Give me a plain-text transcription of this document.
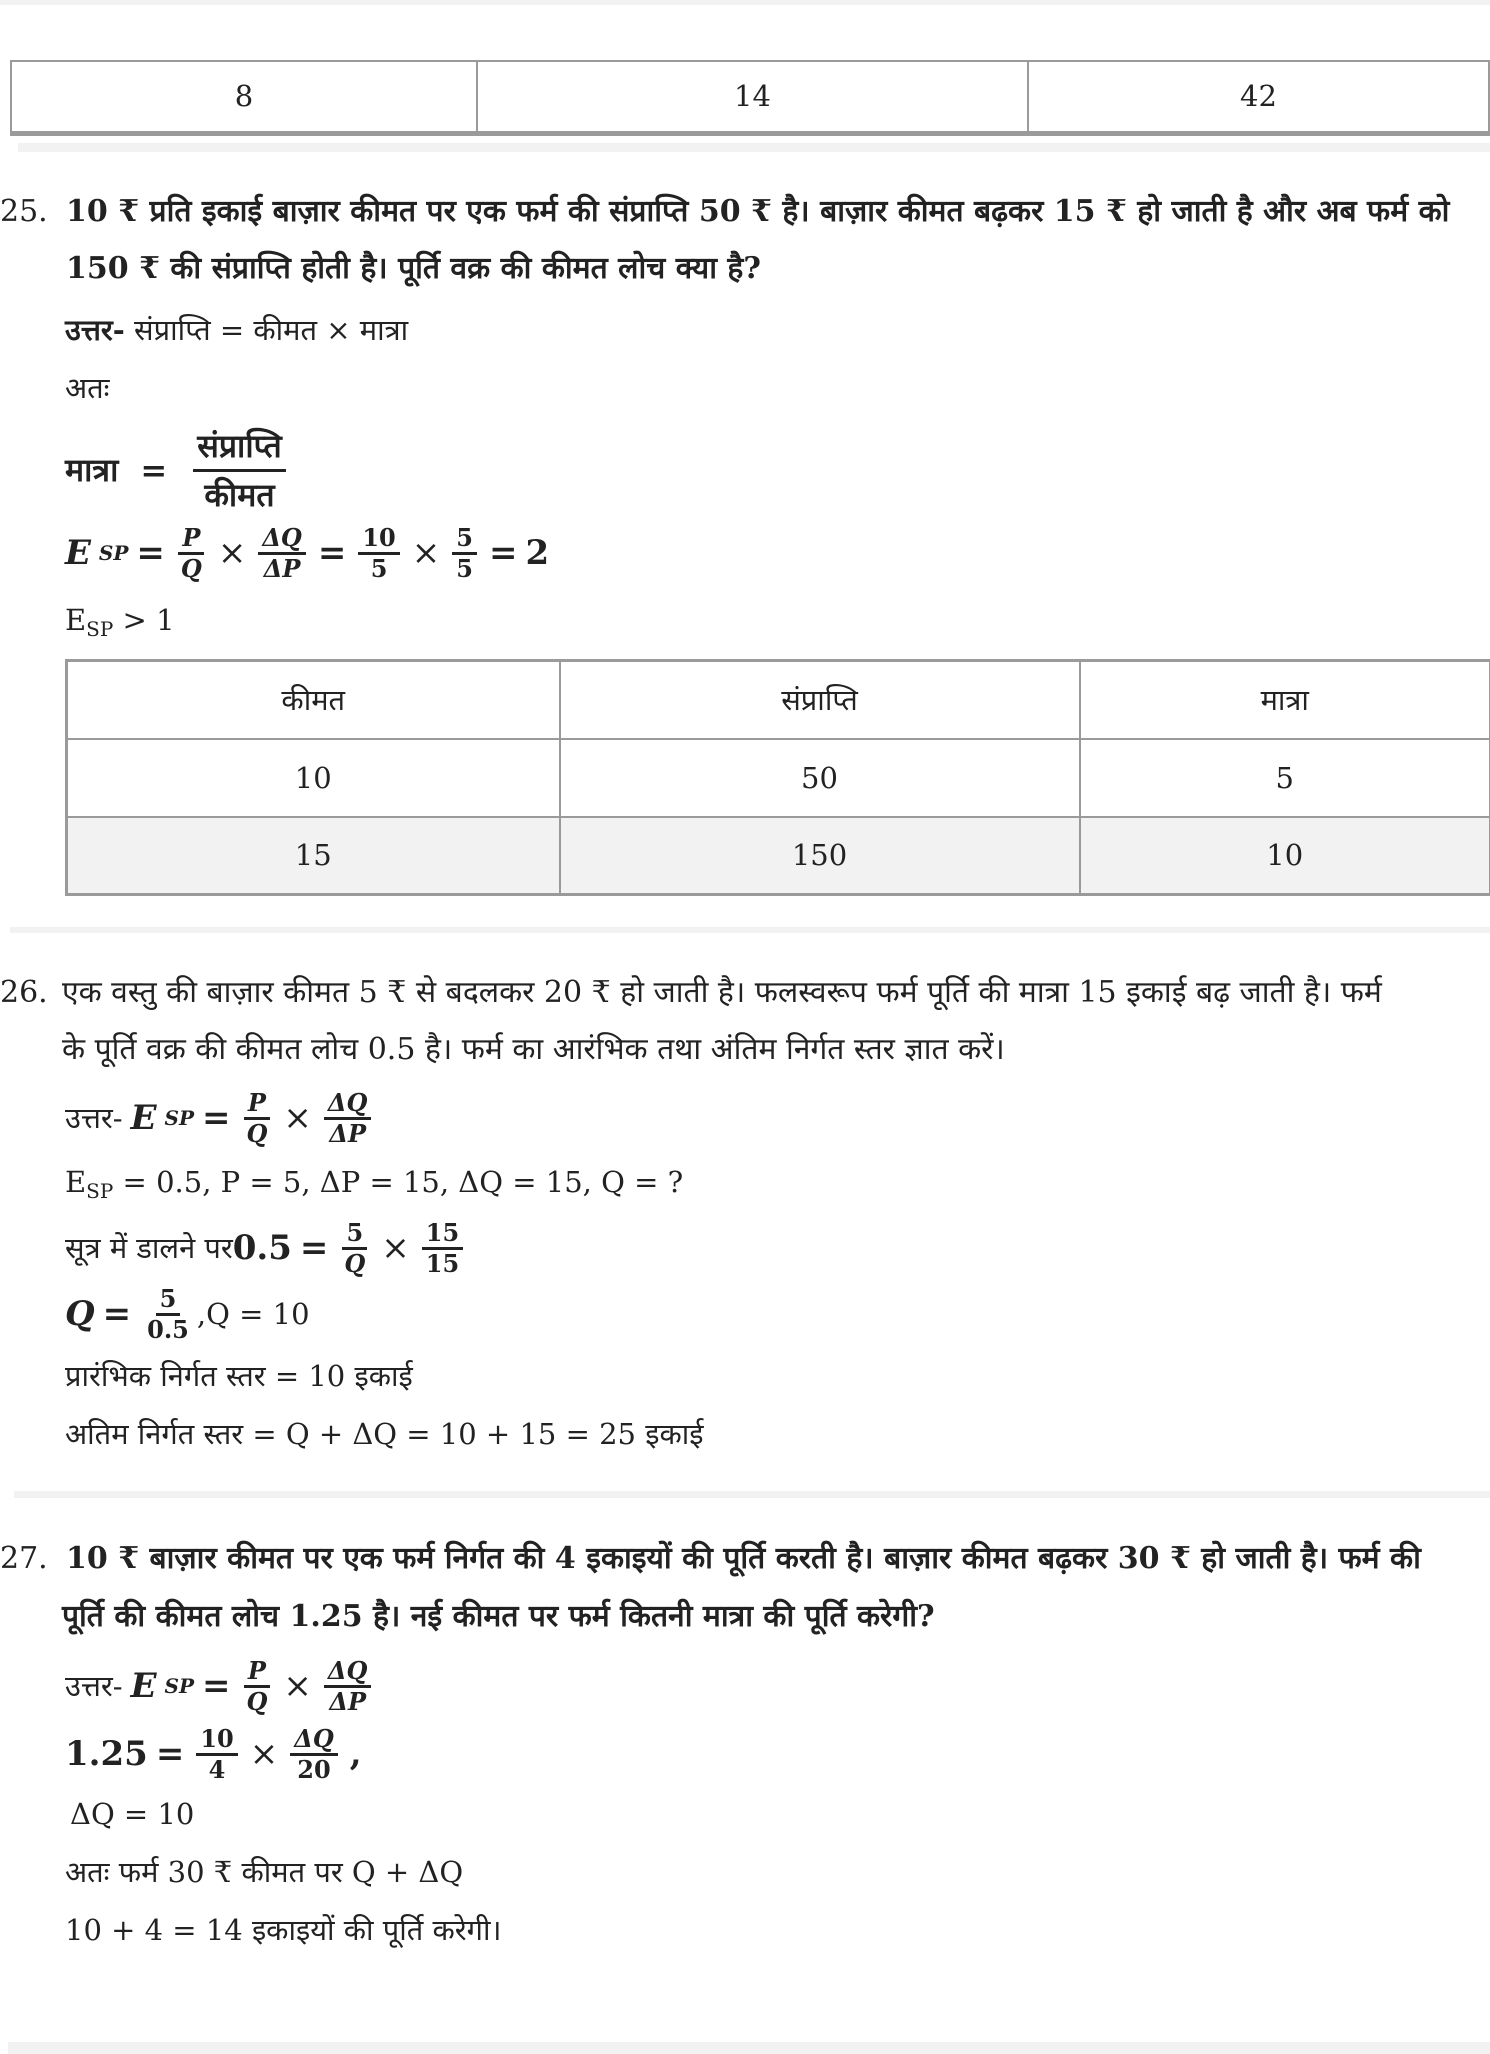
8	14	42
25. 10 ₹ प्रति इकाई बाज़ार कीमत पर एक फर्म की संप्राप्ति 50 ₹ है। बाज़ार कीमत बढ़कर 15 ₹ हो जाती है और अब फर्म को
150 ₹ की संप्राप्ति होती है। पूर्ति वक्र की कीमत लोच क्या है?
उत्तर- संप्राप्ति = कीमत × मात्रा
अतः
मात्रा = $\frac{\text{संप्राप्ति}}{\text{कीमत}}$
E SP = $\frac{P}{Q} \times \frac{\Delta Q}{\Delta P} = \frac{10}{5} \times \frac{5}{5} = 2$
$E_{SP} > 1$
कीमत	संप्राप्ति	मात्रा
10	50	5
15	150	10
26. एक वस्तु की बाज़ार कीमत 5 ₹ से बदलकर 20 ₹ हो जाती है। फलस्वरूप फर्म पूर्ति की मात्रा 15 इकाई बढ़ जाती है। फर्म
के पूर्ति वक्र की कीमत लोच 0.5 है। फर्म का आरंभिक तथा अंतिम निर्गत स्तर ज्ञात करें।
उत्तर- E SP = $\frac{P}{Q} \times \frac{\Delta Q}{\Delta P}$
$E_{SP} = 0.5$, P = 5, ΔP = 15, ΔQ = 15, Q = ?
सूत्र में डालने पर $0.5 = \frac{5}{Q} \times \frac{15}{15}$
$Q = \frac{5}{0.5} ,Q = 10$
प्रारंभिक निर्गत स्तर = 10 इकाई
अतिम निर्गत स्तर = Q + ΔQ = 10 + 15 = 25 इकाई
27. 10 ₹ बाज़ार कीमत पर एक फर्म निर्गत की 4 इकाइयों की पूर्ति करती है। बाज़ार कीमत बढ़कर 30 ₹ हो जाती है। फर्म की
पूर्ति की कीमत लोच 1.25 है। नई कीमत पर फर्म कितनी मात्रा की पूर्ति करेगी?
उत्तर- E SP = $\frac{P}{Q} \times \frac{\Delta Q}{\Delta P}$
$1.25 = \frac{10}{4} \times \frac{\Delta Q}{20}$ ,
ΔQ = 10
अतः फर्म 30 ₹ कीमत पर Q + ΔQ
10 + 4 = 14 इकाइयों की पूर्ति करेगी।
